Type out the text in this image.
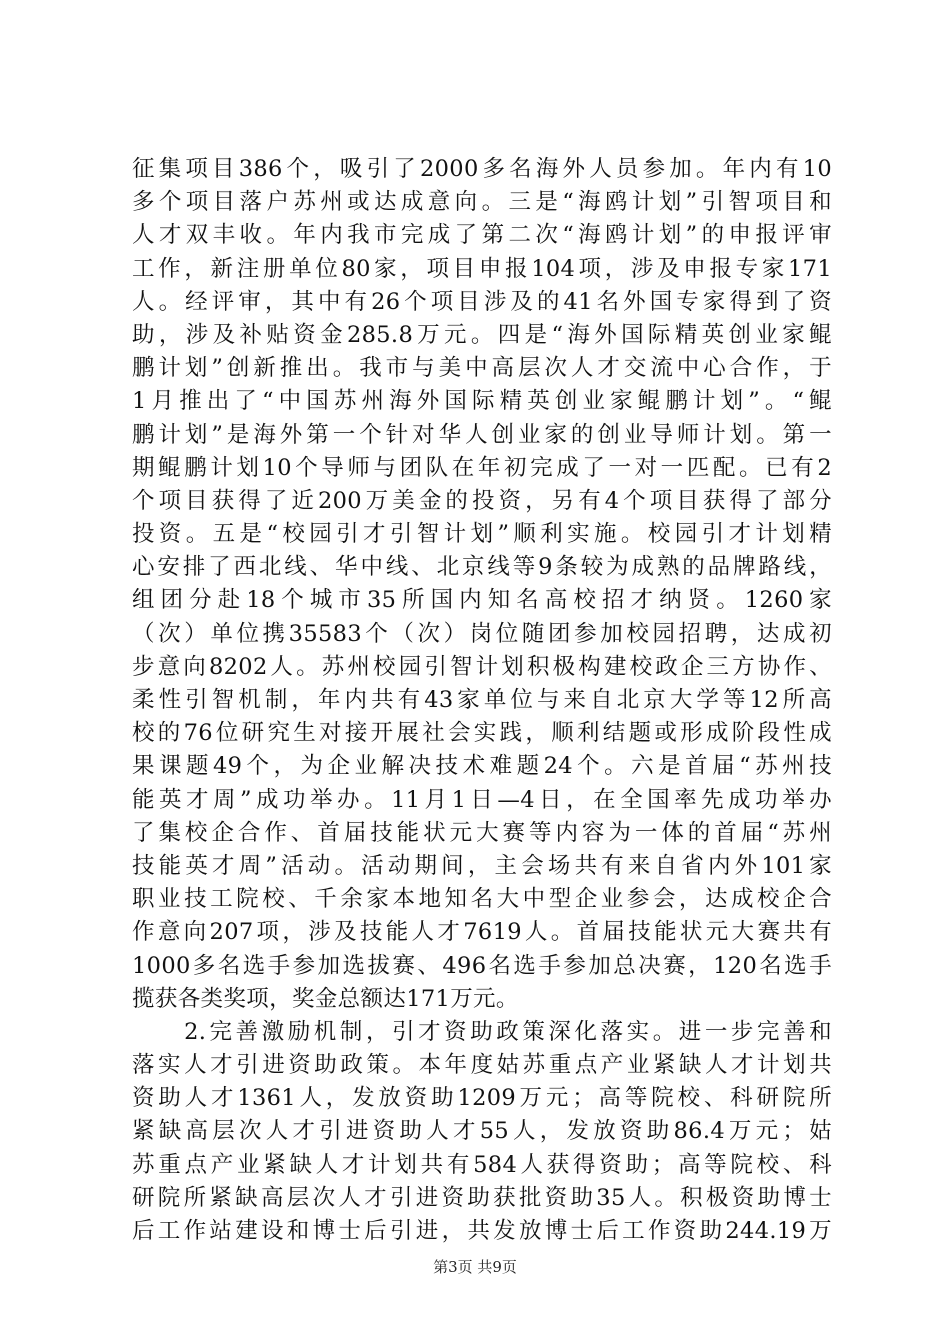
征集项目386个，吸引了2000多名海外人员参加。年内有10
多个项目落户苏州或达成意向。三是“海鸥计划”引智项目和
人才双丰收。年内我市完成了第二次“海鸥计划”的申报评审
工作，新注册单位80家，项目申报104项，涉及申报专家171
人。经评审，其中有26个项目涉及的41名外国专家得到了资
助，涉及补贴资金285.8万元。四是“海外国际精英创业家鲲
鹏计划”创新推出。我市与美中高层次人才交流中心合作，于
1月推出了“中国苏州海外国际精英创业家鲲鹏计划”。“鲲
鹏计划”是海外第一个针对华人创业家的创业导师计划。第一
期鲲鹏计划10个导师与团队在年初完成了一对一匹配。已有2
个项目获得了近200万美金的投资，另有4个项目获得了部分
投资。五是“校园引才引智计划”顺利实施。校园引才计划精
心安排了西北线、华中线、北京线等9条较为成熟的品牌路线，
组团分赴18个城市35所国内知名高校招才纳贤。1260家
（次）单位携35583个（次）岗位随团参加校园招聘，达成初
步意向8202人。苏州校园引智计划积极构建校政企三方协作、
柔性引智机制，年内共有43家单位与来自北京大学等12所高
校的76位研究生对接开展社会实践，顺利结题或形成阶段性成
果课题49个，为企业解决技术难题24个。六是首届“苏州技
能英才周”成功举办。11月1日—4日，在全国率先成功举办
了集校企合作、首届技能状元大赛等内容为一体的首届“苏州
技能英才周”活动。活动期间，主会场共有来自省内外101家
职业技工院校、千余家本地知名大中型企业参会，达成校企合
作意向207项，涉及技能人才7619人。首届技能状元大赛共有
1000多名选手参加选拔赛、496名选手参加总决赛，120名选手
揽获各类奖项，奖金总额达171万元。
　　2.完善激励机制，引才资助政策深化落实。进一步完善和
落实人才引进资助政策。本年度姑苏重点产业紧缺人才计划共
资助人才1361人，发放资助1209万元；高等院校、科研院所
紧缺高层次人才引进资助人才55人，发放资助86.4万元；姑
苏重点产业紧缺人才计划共有584人获得资助；高等院校、科
研院所紧缺高层次人才引进资助获批资助35人。积极资助博士
后工作站建设和博士后引进，共发放博士后工作资助244.19万
第3页 共9页
